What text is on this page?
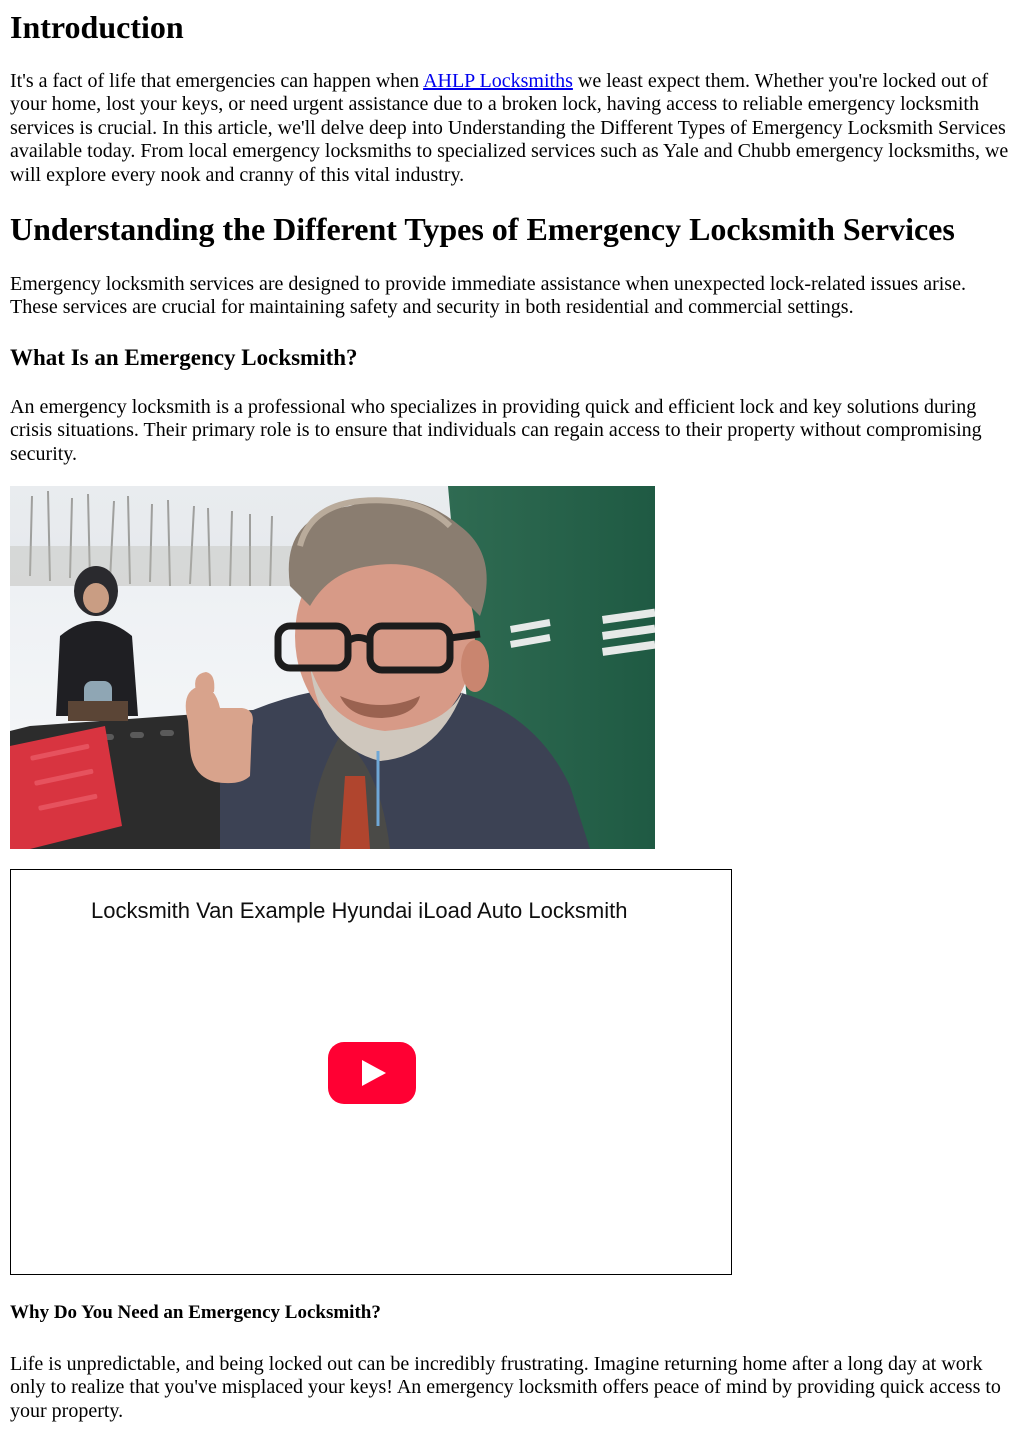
Introduction

It's a fact of life that emergencies can happen when AHLP Locksmiths we least expect them. Whether you're locked out of your home, lost your keys, or need urgent assistance due to a broken lock, having access to reliable emergency locksmith services is crucial. In this article, we'll delve deep into Understanding the Different Types of Emergency Locksmith Services available today. From local emergency locksmiths to specialized services such as Yale and Chubb emergency locksmiths, we will explore every nook and cranny of this vital industry.

Understanding the Different Types of Emergency Locksmith Services

Emergency locksmith services are designed to provide immediate assistance when unexpected lock-related issues arise. These services are crucial for maintaining safety and security in both residential and commercial settings.

What Is an Emergency Locksmith?

An emergency locksmith is a professional who specializes in providing quick and efficient lock and key solutions during crisis situations. Their primary role is to ensure that individuals can regain access to their property without compromising security.

Locksmith Van Example Hyundai iLoad Auto Locksmith
Why Do You Need an Emergency Locksmith?

Life is unpredictable, and being locked out can be incredibly frustrating. Imagine returning home after a long day at work only to realize that you've misplaced your keys! An emergency locksmith offers peace of mind by providing quick access to your property.
